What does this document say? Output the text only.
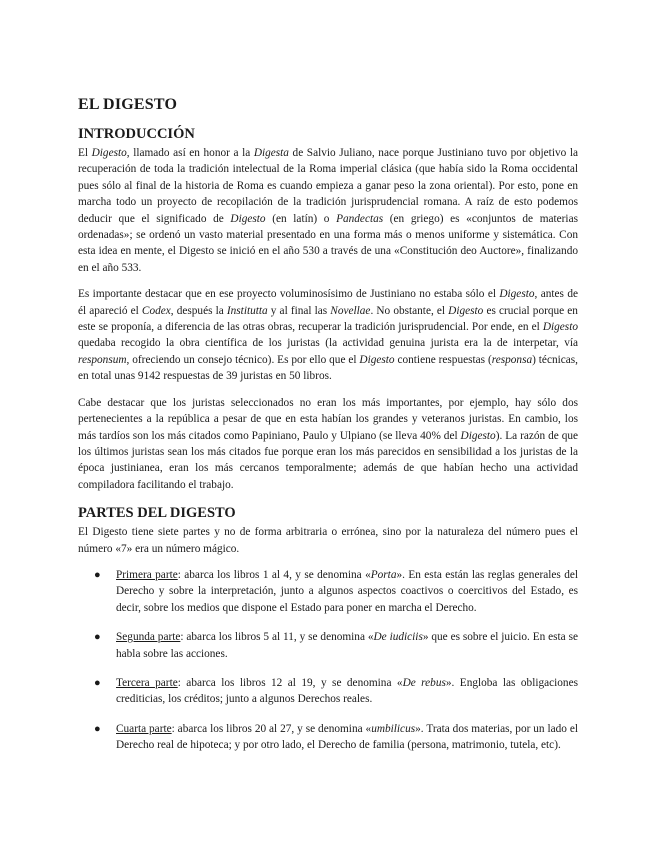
EL DIGESTO
INTRODUCCIÓN

El Digesto, llamado así en honor a la Digesta de Salvio Juliano, nace porque Justiniano tuvo por objetivo la recuperación de toda la tradición intelectual de la Roma imperial clásica (que había sido la Roma occidental pues sólo al final de la historia de Roma es cuando empieza a ganar peso la zona oriental). Por esto, pone en marcha todo un proyecto de recopilación de la tradición jurisprudencial romana. A raíz de esto podemos deducir que el significado de Digesto (en latín) o Pandectas (en griego) es «conjuntos de materias ordenadas»; se ordenó un vasto material presentado en una forma más o menos uniforme y sistemática. Con esta idea en mente, el Digesto se inició en el año 530 a través de una «Constitución deo Auctore», finalizando en el año 533.

Es importante destacar que en ese proyecto voluminosísimo de Justiniano no estaba sólo el Digesto, antes de él apareció el Codex, después la Institutta y al final las Novellae. No obstante, el Digesto es crucial porque en este se proponía, a diferencia de las otras obras, recuperar la tradición jurisprudencial. Por ende, en el Digesto quedaba recogido la obra científica de los juristas (la actividad genuina jurista era la de interpetar, vía responsum, ofreciendo un consejo técnico). Es por ello que el Digesto contiene respuestas (responsa) técnicas, en total unas 9142 respuestas de 39 juristas en 50 libros.

Cabe destacar que los juristas seleccionados no eran los más importantes, por ejemplo, hay sólo dos pertenecientes a la república a pesar de que en esta habían los grandes y veteranos juristas. En cambio, los más tardíos son los más citados como Papiniano, Paulo y Ulpiano (se lleva 40% del Digesto). La razón de que los últimos juristas sean los más citados fue porque eran los más parecidos en sensibilidad a los juristas de la época justinianea, eran los más cercanos temporalmente; además de que habían hecho una actividad compiladora facilitando el trabajo.

PARTES DEL DIGESTO

El Digesto tiene siete partes y no de forma arbitraria o errónea, sino por la naturaleza del número pues el número «7» era un número mágico.

● Primera parte: abarca los libros 1 al 4, y se denomina «Porta». En esta están las reglas generales del Derecho y sobre la interpretación, junto a algunos aspectos coactivos o coercitivos del Estado, es decir, sobre los medios que dispone el Estado para poner en marcha el Derecho.
● Segunda parte: abarca los libros 5 al 11, y se denomina «De iudiciis» que es sobre el juicio. En esta se habla sobre las acciones.
● Tercera parte: abarca los libros 12 al 19, y se denomina «De rebus». Engloba las obligaciones crediticias, los créditos; junto a algunos Derechos reales.
● Cuarta parte: abarca los libros 20 al 27, y se denomina «umbilicus». Trata dos materias, por un lado el Derecho real de hipoteca; y por otro lado, el Derecho de familia (persona, matrimonio, tutela, etc).
